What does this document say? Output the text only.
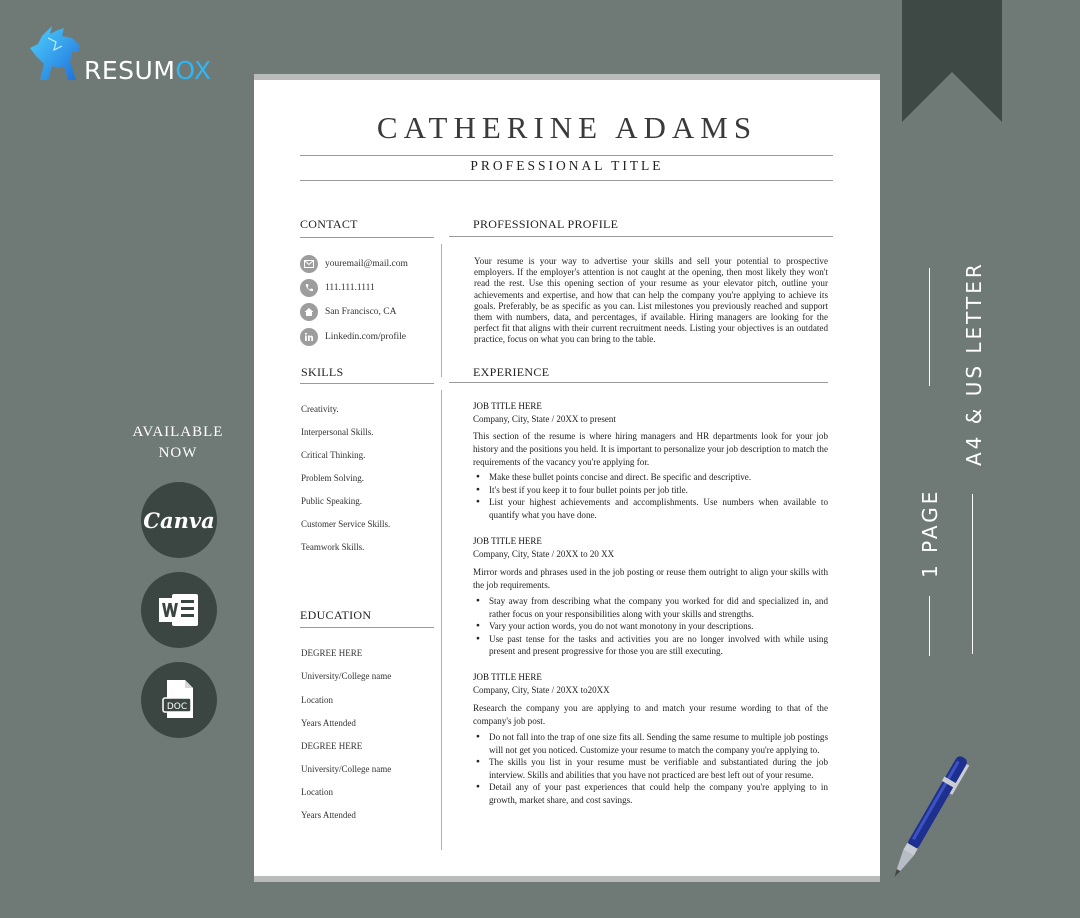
RESUMOX
AVAILABLE
NOW
Canva
DOC
1 PAGE
A4 & US LETTER
CATHERINE ADAMS
PROFESSIONAL TITLE
CONTACT
youremail@mail.com
111.111.1111
San Francisco, CA
Linkedin.com/profile
SKILLS
Creativity.
Interpersonal Skills.
Critical Thinking.
Problem Solving.
Public Speaking.
Customer Service Skills.
Teamwork Skills.
EDUCATION
DEGREE HERE
University/College name
Location
Years Attended
DEGREE HERE
University/College name
Location
Years Attended
PROFESSIONAL PROFILE

Your resume is your way to advertise your skills and sell your potential to prospective employers. If the employer's attention is not caught at the opening, then most likely they won't read the rest. Use this opening section of your resume as your elevator pitch, outline your achievements and expertise, and how that can help the company you're applying to achieve its goals. Preferably, be as specific as you can. List milestones you previously reached and support them with numbers, data, and percentages, if available. Hiring managers are looking for the perfect fit that aligns with their current recruitment needs. Listing your objectives is an outdated practice, focus on what you can bring to the table.

EXPERIENCE
JOB TITLE HERE
Company, City, State / 20XX to present

This section of the resume is where hiring managers and HR departments look for your job history and the positions you held. It is important to personalize your job description to match the requirements of the vacancy you're applying for.

● Make these bullet points concise and direct. Be specific and descriptive.
● It's best if you keep it to four bullet points per job title.
● List your highest achievements and accomplishments. Use numbers when available to quantify what you have done.
JOB TITLE HERE
Company, City, State / 20XX to 20 XX

Mirror words and phrases used in the job posting or reuse them outright to align your skills with the job requirements.

● Stay away from describing what the company you worked for did and specialized in, and rather focus on your responsibilities along with your skills and strengths.
● Vary your action words, you do not want monotony in your descriptions.
● Use past tense for the tasks and activities you are no longer involved with while using present and present progressive for those you are still executing.
JOB TITLE HERE
Company, City, State / 20XX to20XX

Research the company you are applying to and match your resume wording to that of the company's job post.

● Do not fall into the trap of one size fits all. Sending the same resume to multiple job postings will not get you noticed. Customize your resume to match the company you're applying to.
● The skills you list in your resume must be verifiable and substantiated during the job interview. Skills and abilities that you have not practiced are best left out of your resume.
● Detail any of your past experiences that could help the company you're applying to in growth, market share, and cost savings.
